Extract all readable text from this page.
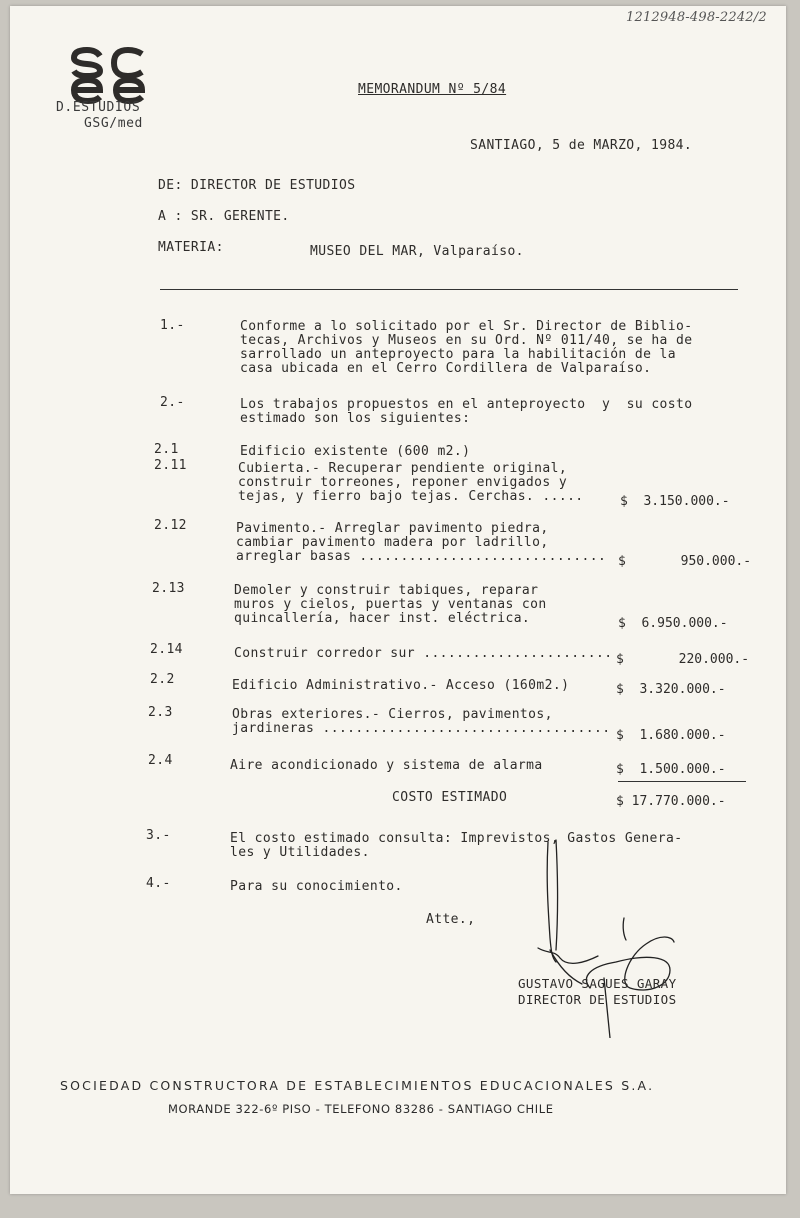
1212948-498-2242/2
D.ESTUDIOS
GSG/med
MEMORANDUM Nº 5/84
SANTIAGO, 5 de MARZO, 1984.
DE: DIRECTOR DE ESTUDIOS
A : SR. GERENTE.
MATERIA:	MUSEO DEL MAR, Valparaíso.
1.-	Conforme a lo solicitado por el Sr. Director de Biblio-
tecas, Archivos y Museos en su Ord. Nº 011/40, se ha de
sarrollado un anteproyecto para la habilitación de la
casa ubicada en el Cerro Cordillera de Valparaíso.
2.-	Los trabajos propuestos en el anteproyecto  y  su costo
estimado son los siguientes:
2.1	Edificio existente (600 m2.)
2.11	Cubierta.- Recuperar pendiente original,
construir torreones, reponer envigados y
tejas, y fierro bajo tejas. Cerchas. .....	$  3.150.000.-
2.12	Pavimento.- Arreglar pavimento piedra,
cambiar pavimento madera por ladrillo,
arreglar basas .............................. $       950.000.-
2.13	Demoler y construir tabiques, reparar
muros y cielos, puertas y ventanas con
quincallería, hacer inst. eléctrica.	$  6.950.000.-
2.14	Construir corredor sur ....................... $       220.000.-
2.2	Edificio Administrativo.- Acceso (160m2.)	$  3.320.000.-
2.3	Obras exteriores.- Cierros, pavimentos,
jardineras ................................... $  1.680.000.-
2.4	Aire acondicionado y sistema de alarma	$  1.500.000.-
COSTO ESTIMADO	$ 17.770.000.-
3.-	El costo estimado consulta: Imprevistos, Gastos Genera-
les y Utilidades.
4.-	Para su conocimiento.
Atte.,
GUSTAVO SAGUES GARAY
DIRECTOR DE ESTUDIOS
SOCIEDAD CONSTRUCTORA DE ESTABLECIMIENTOS EDUCACIONALES S.A.
MORANDE 322-6º PISO - TELEFONO 83286 - SANTIAGO CHILE
